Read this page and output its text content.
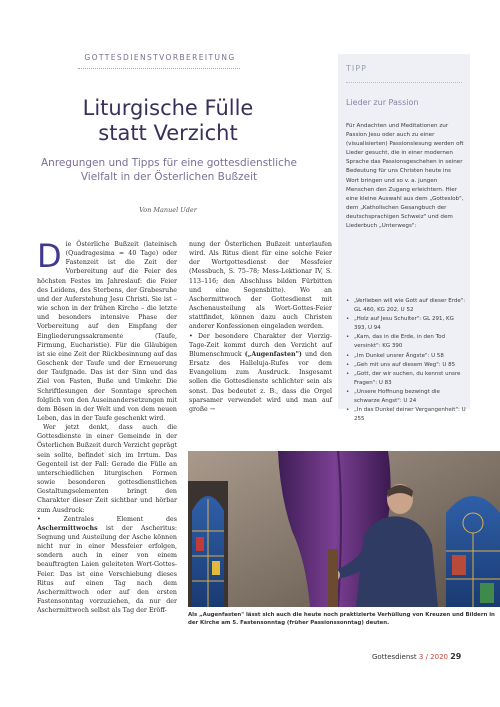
GOTTESDIENSTVORBEREITUNG
Liturgische Fülle
statt Verzicht
Anregungen und Tipps für eine gottesdienstliche Vielfalt in der Österlichen Bußzeit
Von Manuel Uder

Die Österliche Bußzeit (lateinisch (Quadragesima = 40 Tage) oder Fastenzeit ist die Zeit der Vorbereitung auf die Feier des höchsten Festes im Jahreslauf: die Feier des Leidens, des Sterbens, der Grabesruhe und der Auferstehung Jesu Christi. Sie ist – wie schon in der frühen Kirche – die letzte und besonders intensive Phase der Vorbereitung auf den Empfang der Eingliederungssakramente (Taufe, Firmung, Eucharistie). Für die Gläubigen ist sie eine Zeit der Rückbesinnung auf das Geschenk der Taufe und der Erneuerung der Taufgnade. Das ist der Sinn und das Ziel von Fasten, Buße und Umkehr. Die Schriftlesungen der Sonntage sprechen folglich von den Auseinandersetzungen mit dem Bösen in der Welt und von dem neuen Leben, das in der Taufe geschenkt wird.

Wer jetzt denkt, dass auch die Gottesdienste in einer Gemeinde in der Österlichen Bußzeit durch Verzicht geprägt sein sollte, befindet sich im Irrtum. Das Gegenteil ist der Fall: Gerade die Fülle an unterschiedlichen liturgischen Formen sowie besonderen gottesdienstlichen Gestaltungselementen bringt den Charakter dieser Zeit sichtbar und hörbar zum Ausdruck:

• Zentrales Element des Aschermittwochs ist der Ascheritus: Segnung und Austeilung der Asche können nicht nur in einer Messfeier erfolgen, sondern auch in einer von einem beauftragten Laien geleiteten Wort-Gottes-Feier. Das ist eine Verschiebung dieses Ritus auf einen Tag nach dem Aschermittwoch oder auf den ersten Fastensonntag vorzuziehen, da nur der Aschermittwoch selbst als Tag der Eröff-

nung der Österlichen Bußzeit unterlaufen wird. Als Ritus dient für eine solche Feier der Wortgottesdienst der Messfeier (Messbuch, S. 75–78; Mess-Lektionar IV, S. 113–116; den Abschluss bilden Fürbitten und eine Segensbitte). Wo an Aschermittwoch der Gottesdienst mit Aschenausteilung als Wort-Gottes-Feier stattfindet, können dazu auch Christen anderer Konfessionen eingeladen werden.

• Der besondere Charakter der Vierzig-Tage-Zeit kommt durch den Verzicht auf Blumenschmuck („Augenfasten") und den Ersatz des Halleluja-Rufes vor dem Evangelium zum Ausdruck. Insgesamt sollen die Gottesdienste schlichter sein als sonst. Das bedeutet z. B., dass die Orgel sparsamer verwendet wird und man auf große →

TIPP
Lieder zur Passion
Für Andachten und Meditationen zur Passion Jesu oder auch zu einer (visualisierten) Passionslesung werden oft Lieder gesucht, die in einer modernen Sprache das Passionsgeschehen in seiner Bedeutung für uns Christen heute ins Wort bringen und so v. a. jungen Menschen den Zugang erleichtern. Hier eine kleine Auswahl aus dem „Gotteslob", dem „Katholischen Gesangbuch der deutschsprachigen Schweiz" und dem Liederbuch „Unterwegs":
• „Verlieben will wie Gott auf dieser Erde": GL 460, KG 202, U 52
• „Holz auf Jesu Schulter": GL 291, KG 393, U 94
• „Kam, das in die Erde, in den Tod versinkt": KG 390
• „Im Dunkel unsrer Ängste": U 58
• „Geh mit uns auf diesem Weg": U 85
• „Gott, der wir suchen, du kennst unsre Fragen": U 83
• „Unsere Hoffnung bezwingt die schwarze Angst": U 24
• „In das Dunkel deiner Vergangenheit": U 255
Als „Augenfasten" lässt sich auch die heute noch praktizierte Verhüllung von Kreuzen und Bildern in der Kirche am 5. Fastensonntag (früher Passionssonntag) deuten.
Gottesdienst 3 / 2020 29
